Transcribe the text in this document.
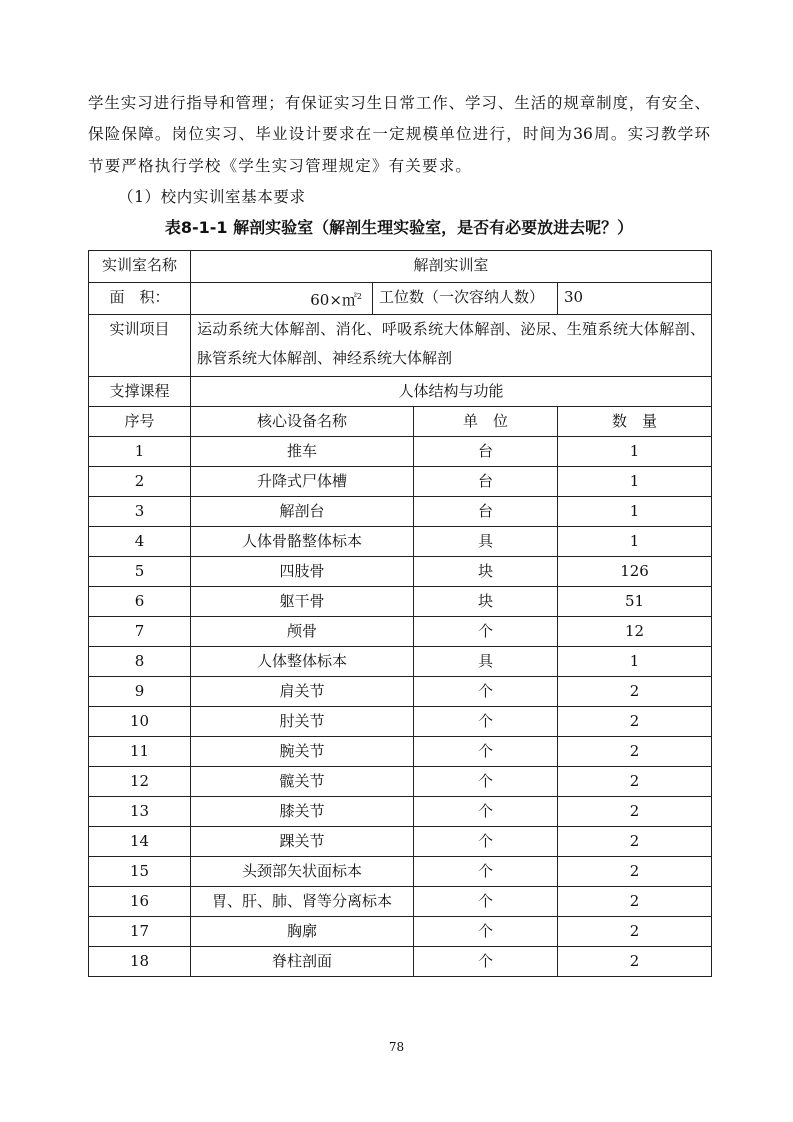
学生实习进行指导和管理；有保证实习生日常工作、学习、生活的规章制度，有安全、
保险保障。岗位实习、毕业设计要求在一定规模单位进行，时间为36周。实习教学环
节要严格执行学校《学生实习管理规定》有关要求。
（1）校内实训室基本要求
表8-1-1 解剖实验室（解剖生理实验室，是否有必要放进去呢？）
实训室名称	解剖实训室			
面　积：	60×㎡$^2$	工位数（一次容纳人数）		30
实训项目	运动系统大体解剖、消化、呼吸系统大体解剖、泌尿、生殖系统大体解剖、脉管系统大体解剖、神经系统大体解剖			
支撑课程	人体结构与功能			
序号	核心设备名称		单　位	数　量
1	推车		台	1
2	升降式尸体槽		台	1
3	解剖台		台	1
4	人体骨骼整体标本		具	1
5	四肢骨		块	126
6	躯干骨		块	51
7	颅骨		个	12
8	人体整体标本		具	1
9	肩关节		个	2
10	肘关节		个	2
11	腕关节		个	2
12	髋关节		个	2
13	膝关节		个	2
14	踝关节		个	2
15	头颈部矢状面标本		个	2
16	胃、肝、肺、肾等分离标本		个	2
17	胸廓		个	2
18	脊柱剖面		个	2
78
